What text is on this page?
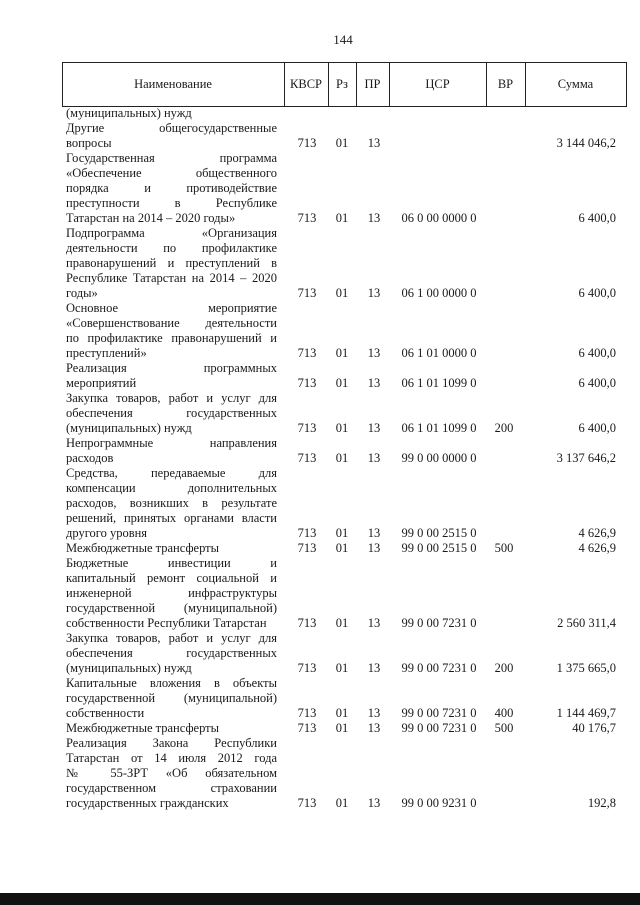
144
Наименование	КВСР	Рз	ПР	ЦСР	ВР	Сумма
(муниципальных) нужд
Другие общегосударственные
вопросы	713 01	13	3 144 046,2
Государственная программа
«Обеспечение общественного
порядка и противодействие
преступности в Республике
Татарстан на 2014 – 2020 годы»	713 01	13	06 0 00 0000 0	6 400,0
Подпрограмма «Организация
деятельности по профилактике
правонарушений и преступлений в
Республике Татарстан на 2014 – 2020
годы»	713 01	13	06 1 00 0000 0	6 400,0
Основное мероприятие
«Совершенствование деятельности
по профилактике правонарушений и
преступлений»	713 01	13	06 1 01 0000 0	6 400,0
Реализация программных
мероприятий	713 01	13	06 1 01 1099 0	6 400,0
Закупка товаров, работ и услуг для
обеспечения государственных
(муниципальных) нужд	713 01	13	06 1 01 1099 0	200	6 400,0
Непрограммные направления
расходов	713 01	13	99 0 00 0000 0	3 137 646,2
Средства, передаваемые для
компенсации дополнительных
расходов, возникших в результате
решений, принятых органами власти
другого уровня	713 01	13	99 0 00 2515 0	4 626,9
Межбюджетные трансферты	713 01	13	99 0 00 2515 0	500	4 626,9
Бюджетные инвестиции и
капитальный ремонт социальной и
инженерной инфраструктуры
государственной (муниципальной)
собственности Республики Татарстан	713 01	13	99 0 00 7231 0	2 560 311,4
Закупка товаров, работ и услуг для
обеспечения государственных
(муниципальных) нужд	713 01	13	99 0 00 7231 0	200	1 375 665,0
Капитальные вложения в объекты
государственной (муниципальной)
собственности	713 01	13	99 0 00 7231 0	400	1 144 469,7
Межбюджетные трансферты	713 01	13	99 0 00 7231 0	500	40 176,7
Реализация Закона Республики
Татарстан от 14 июля 2012 года
№ 55-ЗРТ «Об обязательном
государственном страховании
государственных гражданских	713 01	13	99 0 00 9231 0	192,8
